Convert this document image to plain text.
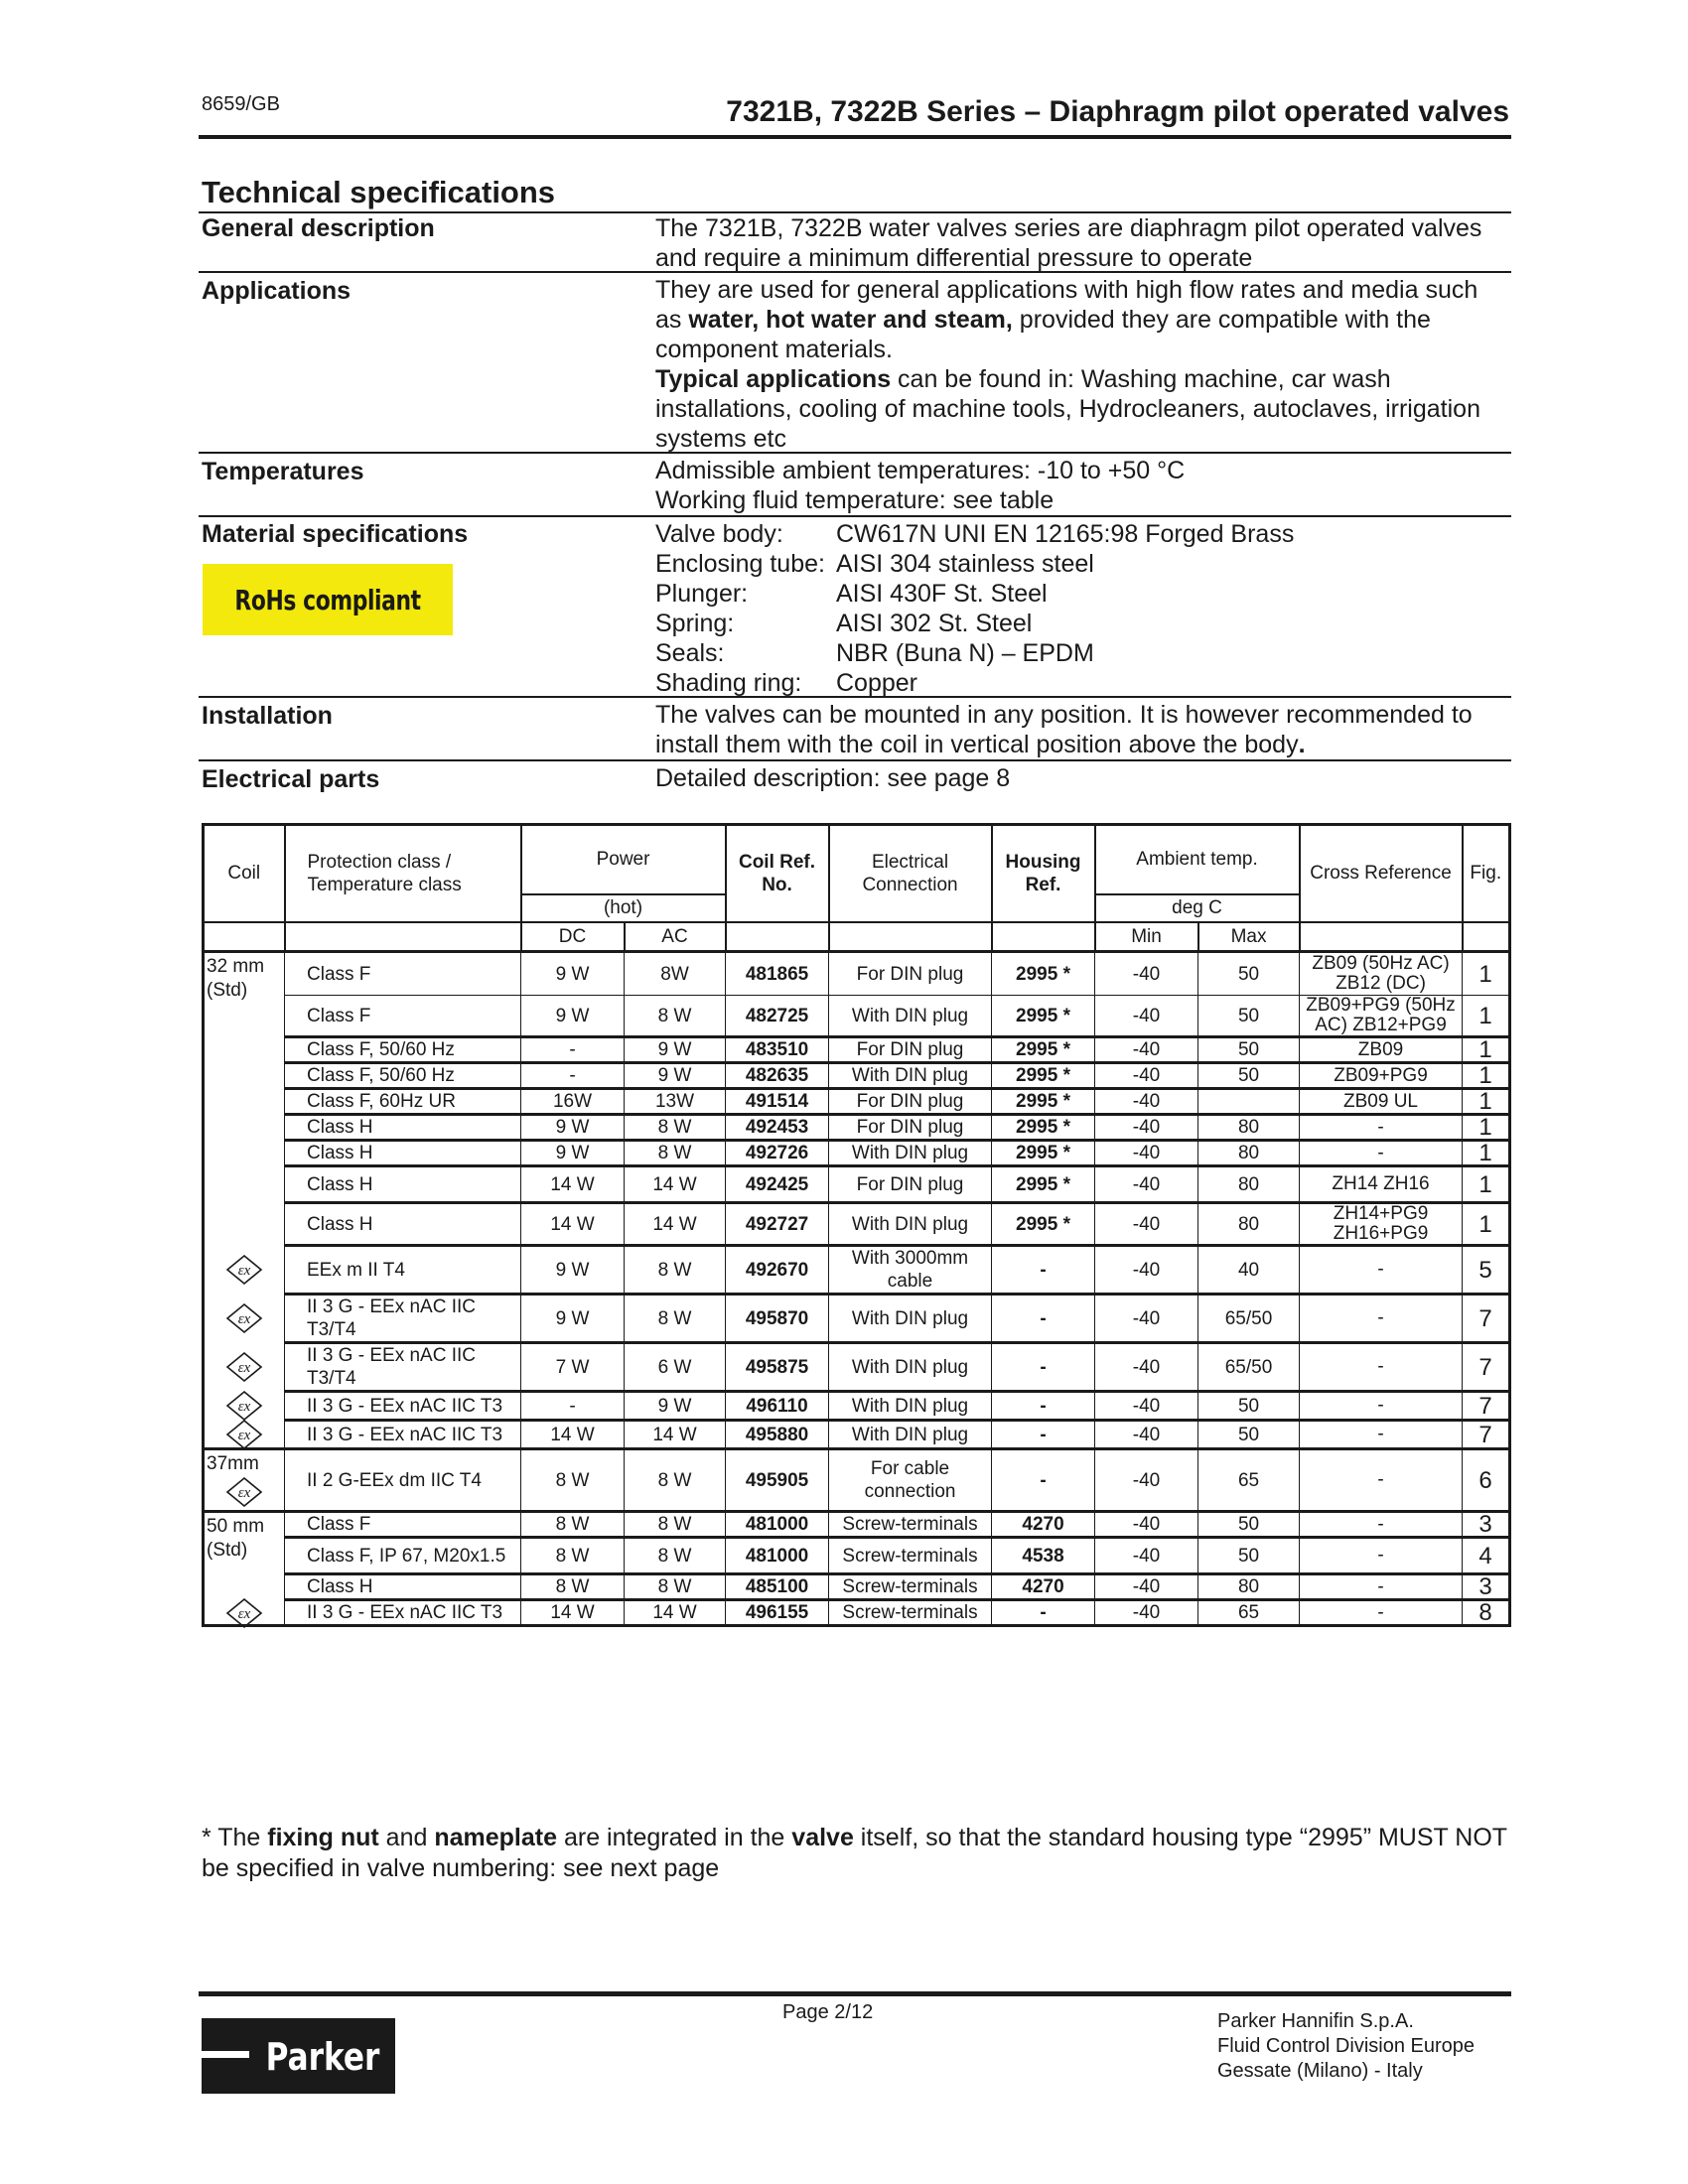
8659/GB	7321B, 7322B Series – Diaphragm pilot operated valves
Technical specifications
General description	The 7321B, 7322B water valves series are diaphragm pilot operated valves and require a minimum differential pressure to operate
Applications	They are used for general applications with high flow rates and media such as water, hot water and steam, provided they are compatible with the component materials.
Typical applications can be found in: Washing machine, car wash installations, cooling of machine tools, Hydrocleaners, autoclaves, irrigation systems etc
Temperatures	Admissible ambient temperatures: -10 to +50 °C
Working fluid temperature: see table
Material specifications
RoHs compliant
Valve body: CW617N UNI EN 12165:98 Forged Brass
Enclosing tube: AISI 304 stainless steel
Plunger:	AISI 430F St. Steel
Spring:	AISI 302 St. Steel
Seals:	NBR (Buna N) – EPDM
Shading ring: Copper
Installation	The valves can be mounted in any position. It is however recommended to install them with the coil in vertical position above the body.
Electrical parts	Detailed description: see page 8
Coil	Protection class / Temperature class	Power		Coil Ref. No.	Electrical Connection	Housing Ref.	Ambient temp.		Cross Reference	Fig.
		(hot)					deg C			
		DC	AC				Min	Max		

32 mm
(Std)	Class F	9 W	8W	481865	For DIN plug	2995 *	-40	50	ZB09 (50Hz AC) ZB12 (DC)	1
	Class F	9 W	8 W	482725	With DIN plug	2995 *	-40	50	ZB09+PG9 (50Hz AC) ZB12+PG9	1
	Class F, 50/60 Hz	-	9 W	483510	For DIN plug	2995 *	-40	50	ZB09	1
	Class F, 50/60 Hz	-	9 W	482635	With DIN plug	2995 *	-40	50	ZB09+PG9	1
	Class F, 60Hz UR	16W	13W	491514	For DIN plug	2995 *	-40		ZB09 UL	1
	Class H	9 W	8 W	492453	For DIN plug	2995 *	-40	80	-	1
	Class H	9 W	8 W	492726	With DIN plug	2995 *	-40	80	-	1
	Class H	14 W	14 W	492425	For DIN plug	2995 *	-40	80	ZH14 ZH16	1
	Class H	14 W	14 W	492727	With DIN plug	2995 *	-40	80	ZH14+PG9 ZH16+PG9	1
	EEx m II T4	9 W	8 W	492670	With 3000mm cable	-	-40	40	-	5
	II 3 G - EEx nAC IIC T3/T4	9 W	8 W	495870	With DIN plug	-	-40	65/50	-	7
	II 3 G - EEx nAC IIC T3/T4	7 W	6 W	495875	With DIN plug	-	-40	65/50	-	7
	II 3 G - EEx nAC IIC T3	-	9 W	496110	With DIN plug	-	-40	50	-	7
	II 3 G - EEx nAC IIC T3	14 W	14 W	495880	With DIN plug	-	-40	50	-	7

37mm
εx	II 2 G-EEx dm IIC T4	8 W	8 W	495905	For cable connection	-	-40	65	-	6

50 mm
(Std)	Class F	8 W	8 W	481000	Screw-terminals	4270	-40	50	-	3
	Class F, IP 67, M20x1.5	8 W	8 W	481000	Screw-terminals	4538	-40	50	-	4
	Class H	8 W	8 W	485100	Screw-terminals	4270	-40	80	-	3
	II 3 G - EEx nAC IIC T3	14 W	14 W	496155	Screw-terminals	-	-40	65	-	8
* The fixing nut and nameplate are integrated in the valve itself, so that the standard housing type “2995” MUST NOT be specified in valve numbering: see next page
Page 2/12	Parker Hannifin S.p.A.
Fluid Control Division Europe
Gessate (Milano) - Italy
Parker
εx
εx
εx
εx
εx
εx
